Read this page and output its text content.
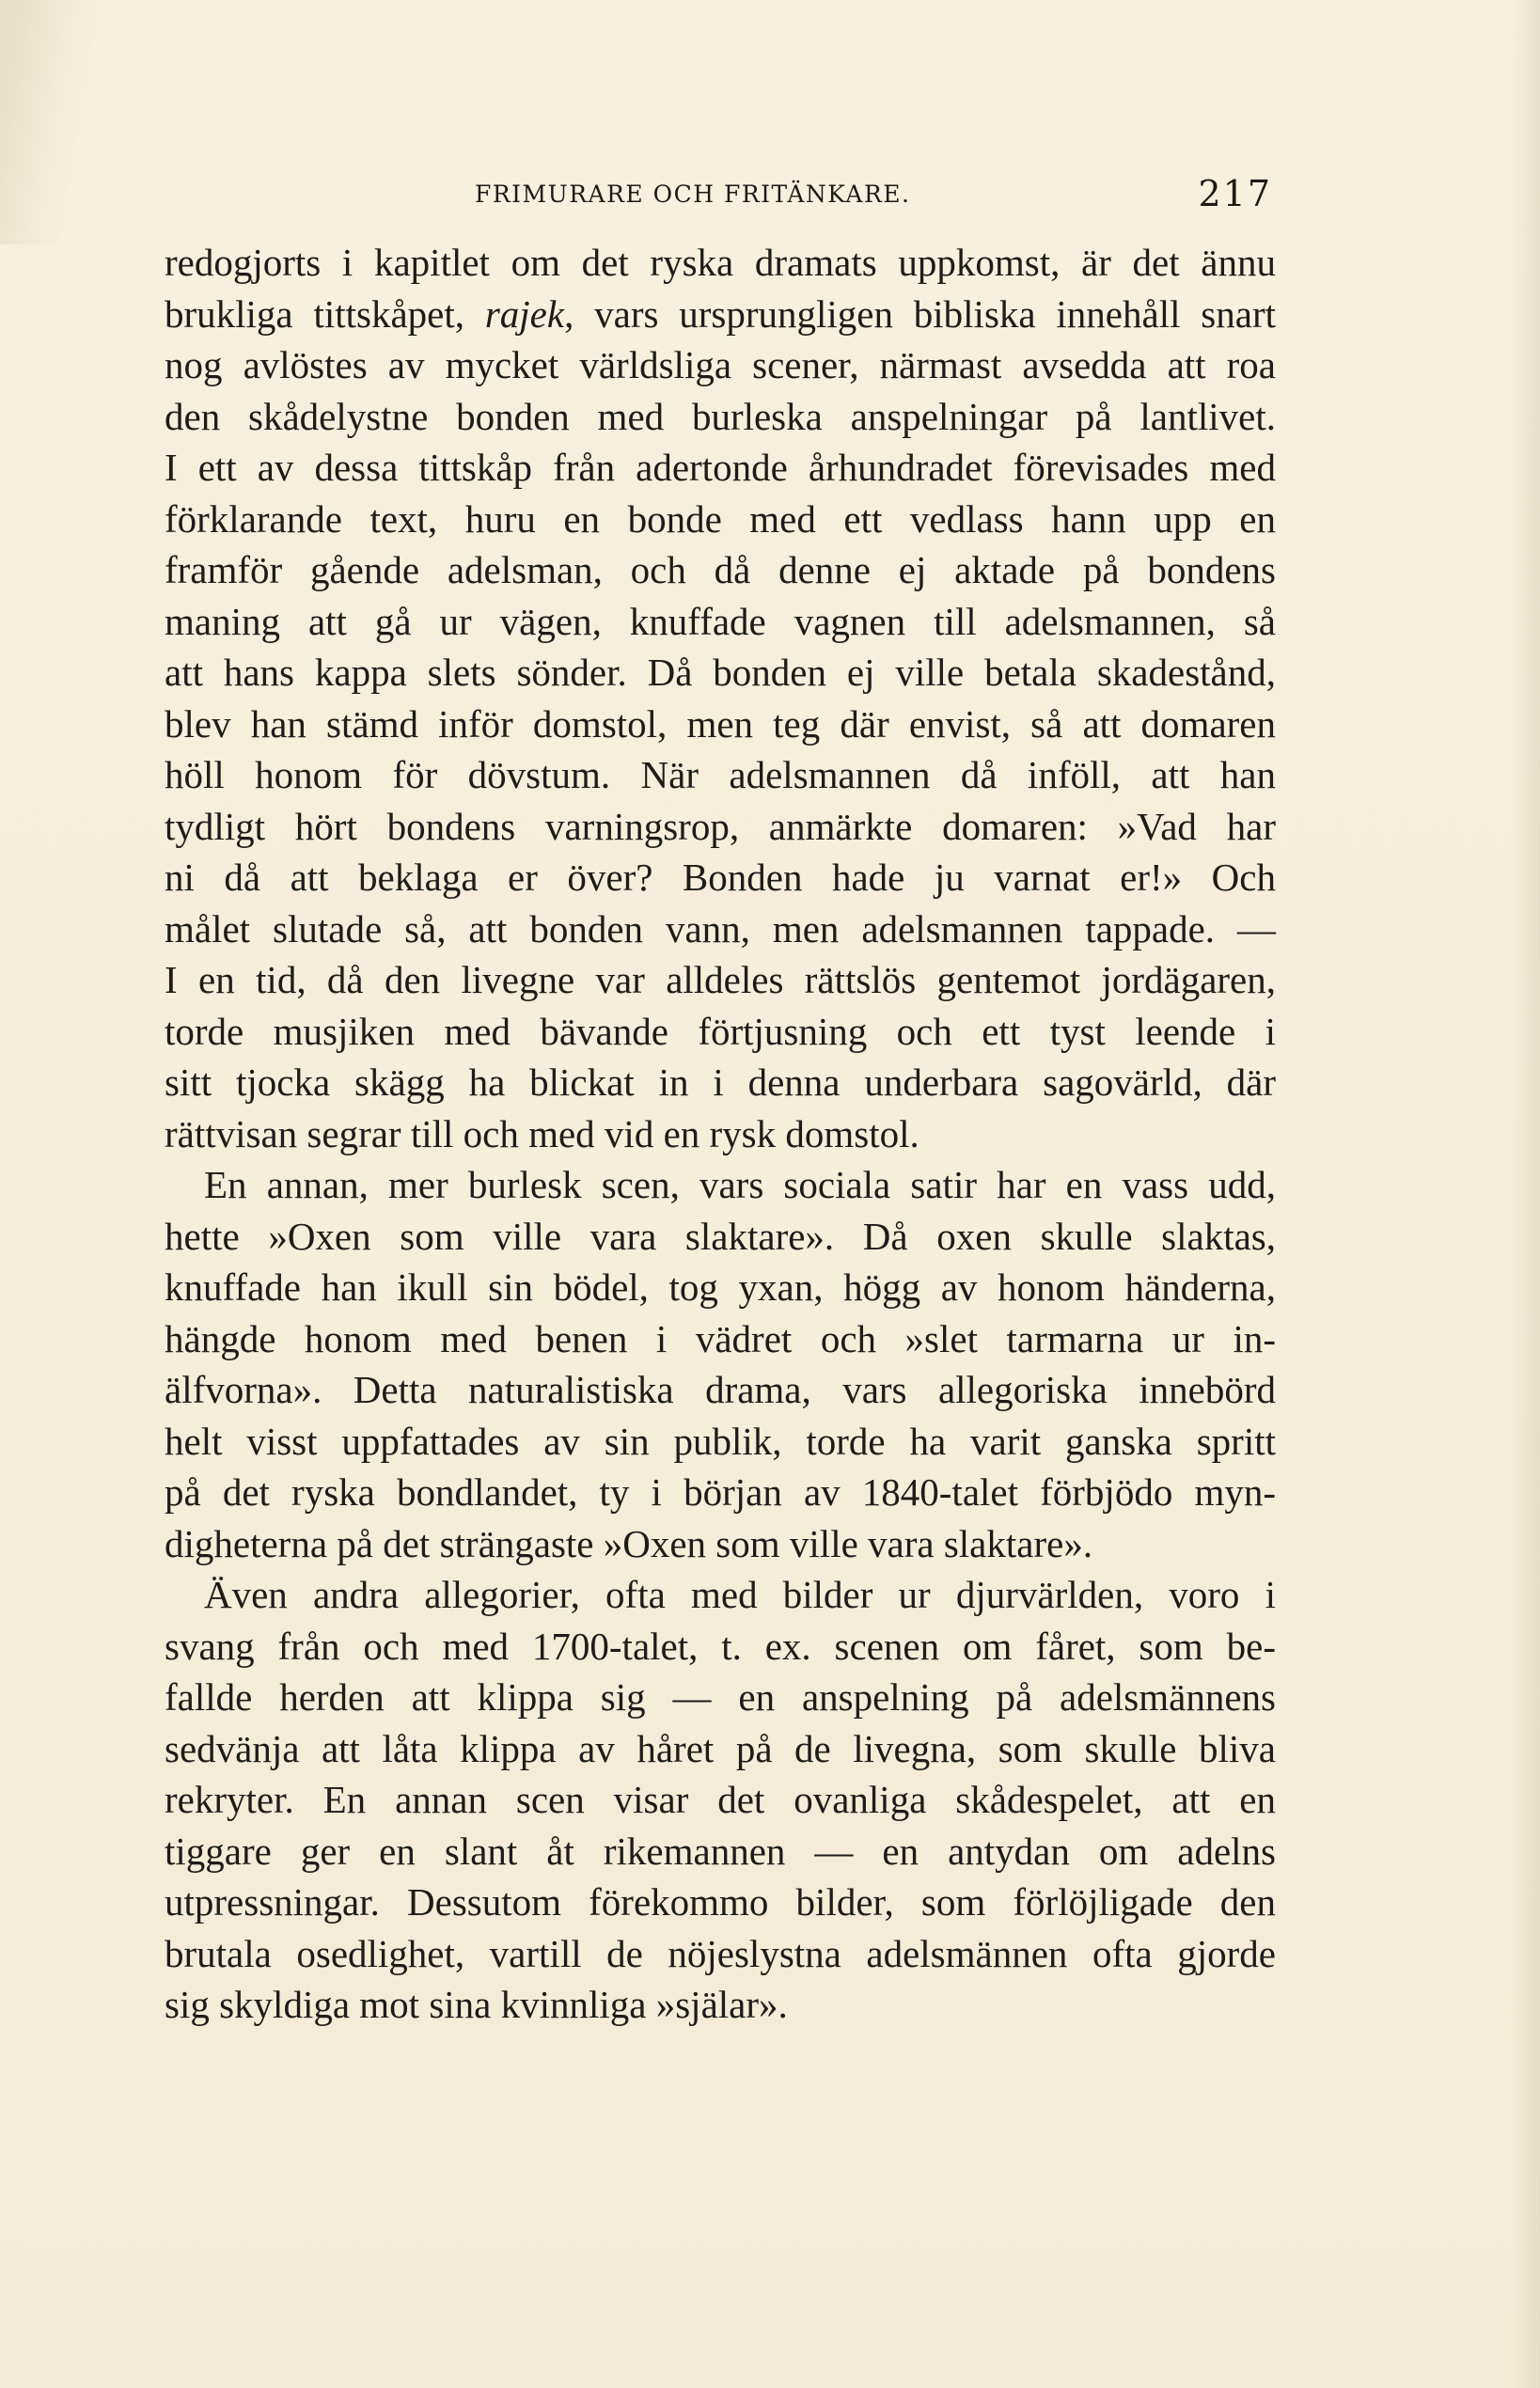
FRIMURARE OCH FRITÄNKARE.	217

redogjorts i kapitlet om det ryska dramats uppkomst, är det ännu
brukliga tittskåpet, rajek, vars ursprungligen bibliska innehåll snart
nog avlöstes av mycket världsliga scener, närmast avsedda att roa
den skådelystne bonden med burleska anspelningar på lantlivet.
I ett av dessa tittskåp från adertonde århundradet förevisades med
förklarande text, huru en bonde med ett vedlass hann upp en
framför gående adelsman, och då denne ej aktade på bondens
maning att gå ur vägen, knuffade vagnen till adelsmannen, så
att hans kappa slets sönder. Då bonden ej ville betala skadestånd,
blev han stämd inför domstol, men teg där envist, så att domaren
höll honom för dövstum. När adelsmannen då inföll, att han
tydligt hört bondens varningsrop, anmärkte domaren: »Vad har
ni då att beklaga er över? Bonden hade ju varnat er!» Och
målet slutade så, att bonden vann, men adelsmannen tappade. —
I en tid, då den livegne var alldeles rättslös gentemot jordägaren,
torde musjiken med bävande förtjusning och ett tyst leende i
sitt tjocka skägg ha blickat in i denna underbara sagovärld, där
rättvisan segrar till och med vid en rysk domstol.

En annan, mer burlesk scen, vars sociala satir har en vass udd,
hette »Oxen som ville vara slaktare». Då oxen skulle slaktas,
knuffade han ikull sin bödel, tog yxan, högg av honom händerna,
hängde honom med benen i vädret och »slet tarmarna ur in-
älfvorna». Detta naturalistiska drama, vars allegoriska innebörd
helt visst uppfattades av sin publik, torde ha varit ganska spritt
på det ryska bondlandet, ty i början av 1840-talet förbjödo myn-
digheterna på det strängaste »Oxen som ville vara slaktare».

Även andra allegorier, ofta med bilder ur djurvärlden, voro i
svang från och med 1700-talet, t. ex. scenen om fåret, som be-
fallde herden att klippa sig — en anspelning på adelsmännens
sedvänja att låta klippa av håret på de livegna, som skulle bliva
rekryter. En annan scen visar det ovanliga skådespelet, att en
tiggare ger en slant åt rikemannen — en antydan om adelns
utpressningar. Dessutom förekommo bilder, som förlöjligade den
brutala osedlighet, vartill de nöjeslystna adelsmännen ofta gjorde
sig skyldiga mot sina kvinnliga »själar».
